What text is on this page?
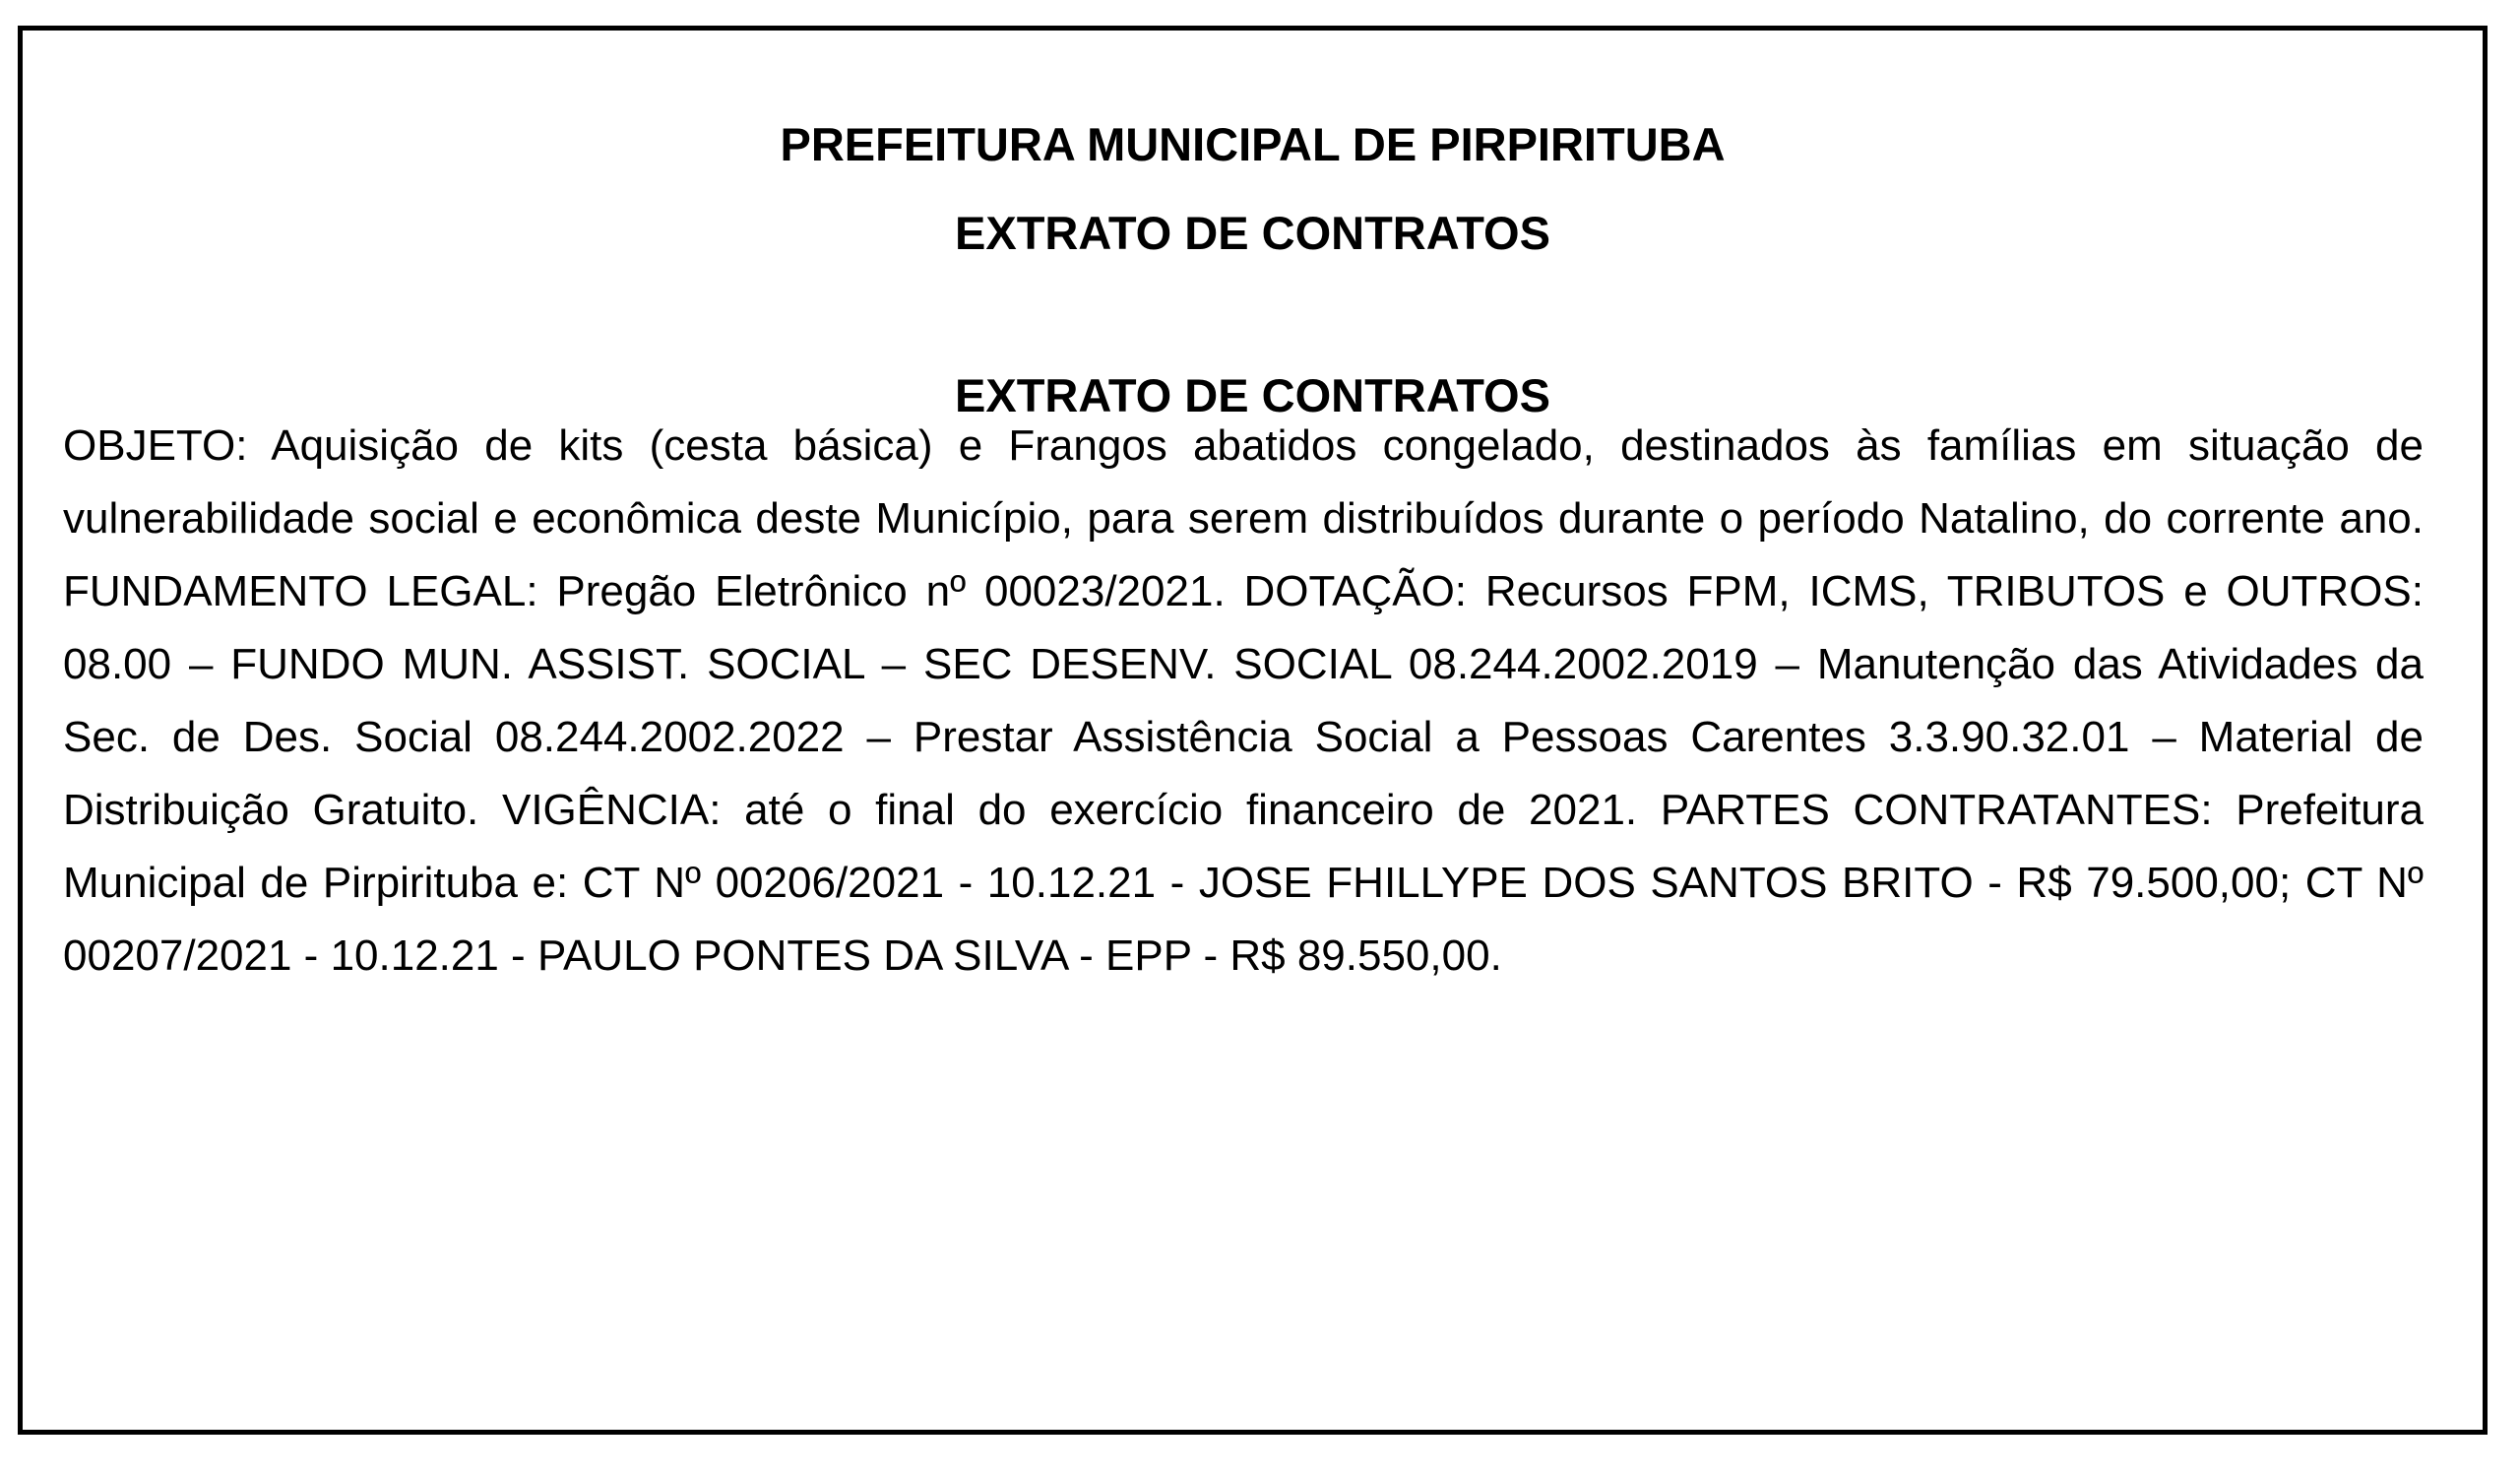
PREFEITURA MUNICIPAL DE PIRPIRITUBA
EXTRATO DE CONTRATOS
EXTRATO DE CONTRATOS

OBJETO: Aquisição de kits (cesta básica) e Frangos abatidos congelado, destinados às famílias em situação de vulnerabilidade social e econômica deste Município, para serem distribuídos durante o período Natalino, do corrente ano. FUNDAMENTO LEGAL: Pregão Eletrônico nº 00023/2021. DOTAÇÃO: Recursos FPM, ICMS, TRIBUTOS e OUTROS: 08.00 – FUNDO MUN. ASSIST. SOCIAL – SEC DESENV. SOCIAL 08.244.2002.2019 – Manutenção das Atividades da Sec. de Des. Social 08.244.2002.2022 – Prestar Assistência Social a Pessoas Carentes 3.3.90.32.01 – Material de Distribuição Gratuito. VIGÊNCIA: até o final do exercício financeiro de 2021. PARTES CONTRATANTES: Prefeitura Municipal de Pirpirituba e: CT Nº 00206/2021 - 10.12.21 - JOSE FHILLYPE DOS SANTOS BRITO - R$ 79.500,00; CT Nº 00207/2021 - 10.12.21 - PAULO PONTES DA SILVA - EPP - R$ 89.550,00.
